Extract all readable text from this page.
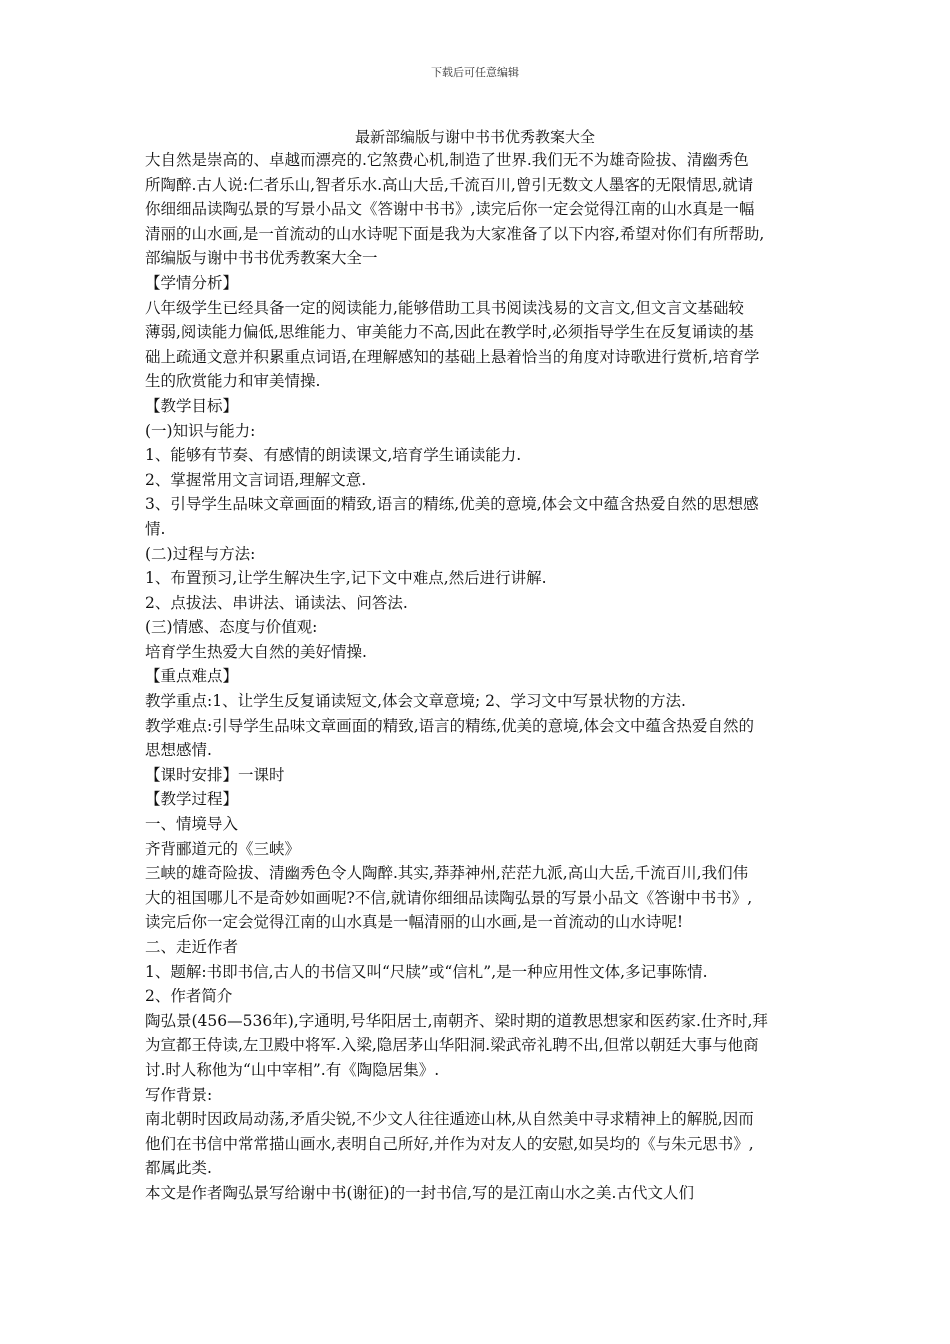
下载后可任意编辑
最新部编版与谢中书书优秀教案大全

大自然是崇高的、卓越而漂亮的.它煞费心机,制造了世界.我们无不为雄奇险拔、清幽秀色

所陶醉.古人说:仁者乐山,智者乐水.高山大岳,千流百川,曾引无数文人墨客的无限情思,就请

你细细品读陶弘景的写景小品文《答谢中书书》,读完后你一定会觉得江南的山水真是一幅

清丽的山水画,是一首流动的山水诗呢下面是我为大家准备了以下内容,希望对你们有所帮助,

部编版与谢中书书优秀教案大全一

【学情分析】

八年级学生已经具备一定的阅读能力,能够借助工具书阅读浅易的文言文,但文言文基础较

薄弱,阅读能力偏低,思维能力、审美能力不高,因此在教学时,必须指导学生在反复诵读的基

础上疏通文意并积累重点词语,在理解感知的基础上悬着恰当的角度对诗歌进行赏析,培育学

生的欣赏能力和审美情操.

【教学目标】

(一)知识与能力:

1、能够有节奏、有感情的朗读课文,培育学生诵读能力.

2、掌握常用文言词语,理解文意.

3、引导学生品味文章画面的精致,语言的精练,优美的意境,体会文中蕴含热爱自然的思想感

情.

(二)过程与方法:

1、布置预习,让学生解决生字,记下文中难点,然后进行讲解.

2、点拔法、串讲法、诵读法、问答法.

(三)情感、态度与价值观:

培育学生热爱大自然的美好情操.

【重点难点】

教学重点:1、让学生反复诵读短文,体会文章意境; 2、学习文中写景状物的方法.

教学难点:引导学生品味文章画面的精致,语言的精练,优美的意境,体会文中蕴含热爱自然的

思想感情.

【课时安排】一课时

【教学过程】

一、情境导入

齐背郦道元的《三峡》

三峡的雄奇险拔、清幽秀色令人陶醉.其实,莽莽神州,茫茫九派,高山大岳,千流百川,我们伟

大的祖国哪儿不是奇妙如画呢?不信,就请你细细品读陶弘景的写景小品文《答谢中书书》,

读完后你一定会觉得江南的山水真是一幅清丽的山水画,是一首流动的山水诗呢!

二、走近作者

1、题解:书即书信,古人的书信又叫“尺牍”或“信札”,是一种应用性文体,多记事陈情.

2、作者简介

陶弘景(456—536年),字通明,号华阳居士,南朝齐、梁时期的道教思想家和医药家.仕齐时,拜

为宣都王侍读,左卫殿中将军.入梁,隐居茅山华阳洞.梁武帝礼聘不出,但常以朝廷大事与他商

讨.时人称他为“山中宰相”.有《陶隐居集》.

写作背景:

南北朝时因政局动荡,矛盾尖锐,不少文人往往遁迹山林,从自然美中寻求精神上的解脱,因而

他们在书信中常常描山画水,表明自己所好,并作为对友人的安慰,如吴均的《与朱元思书》,

都属此类.

本文是作者陶弘景写给谢中书(谢征)的一封书信,写的是江南山水之美.古代文人们
